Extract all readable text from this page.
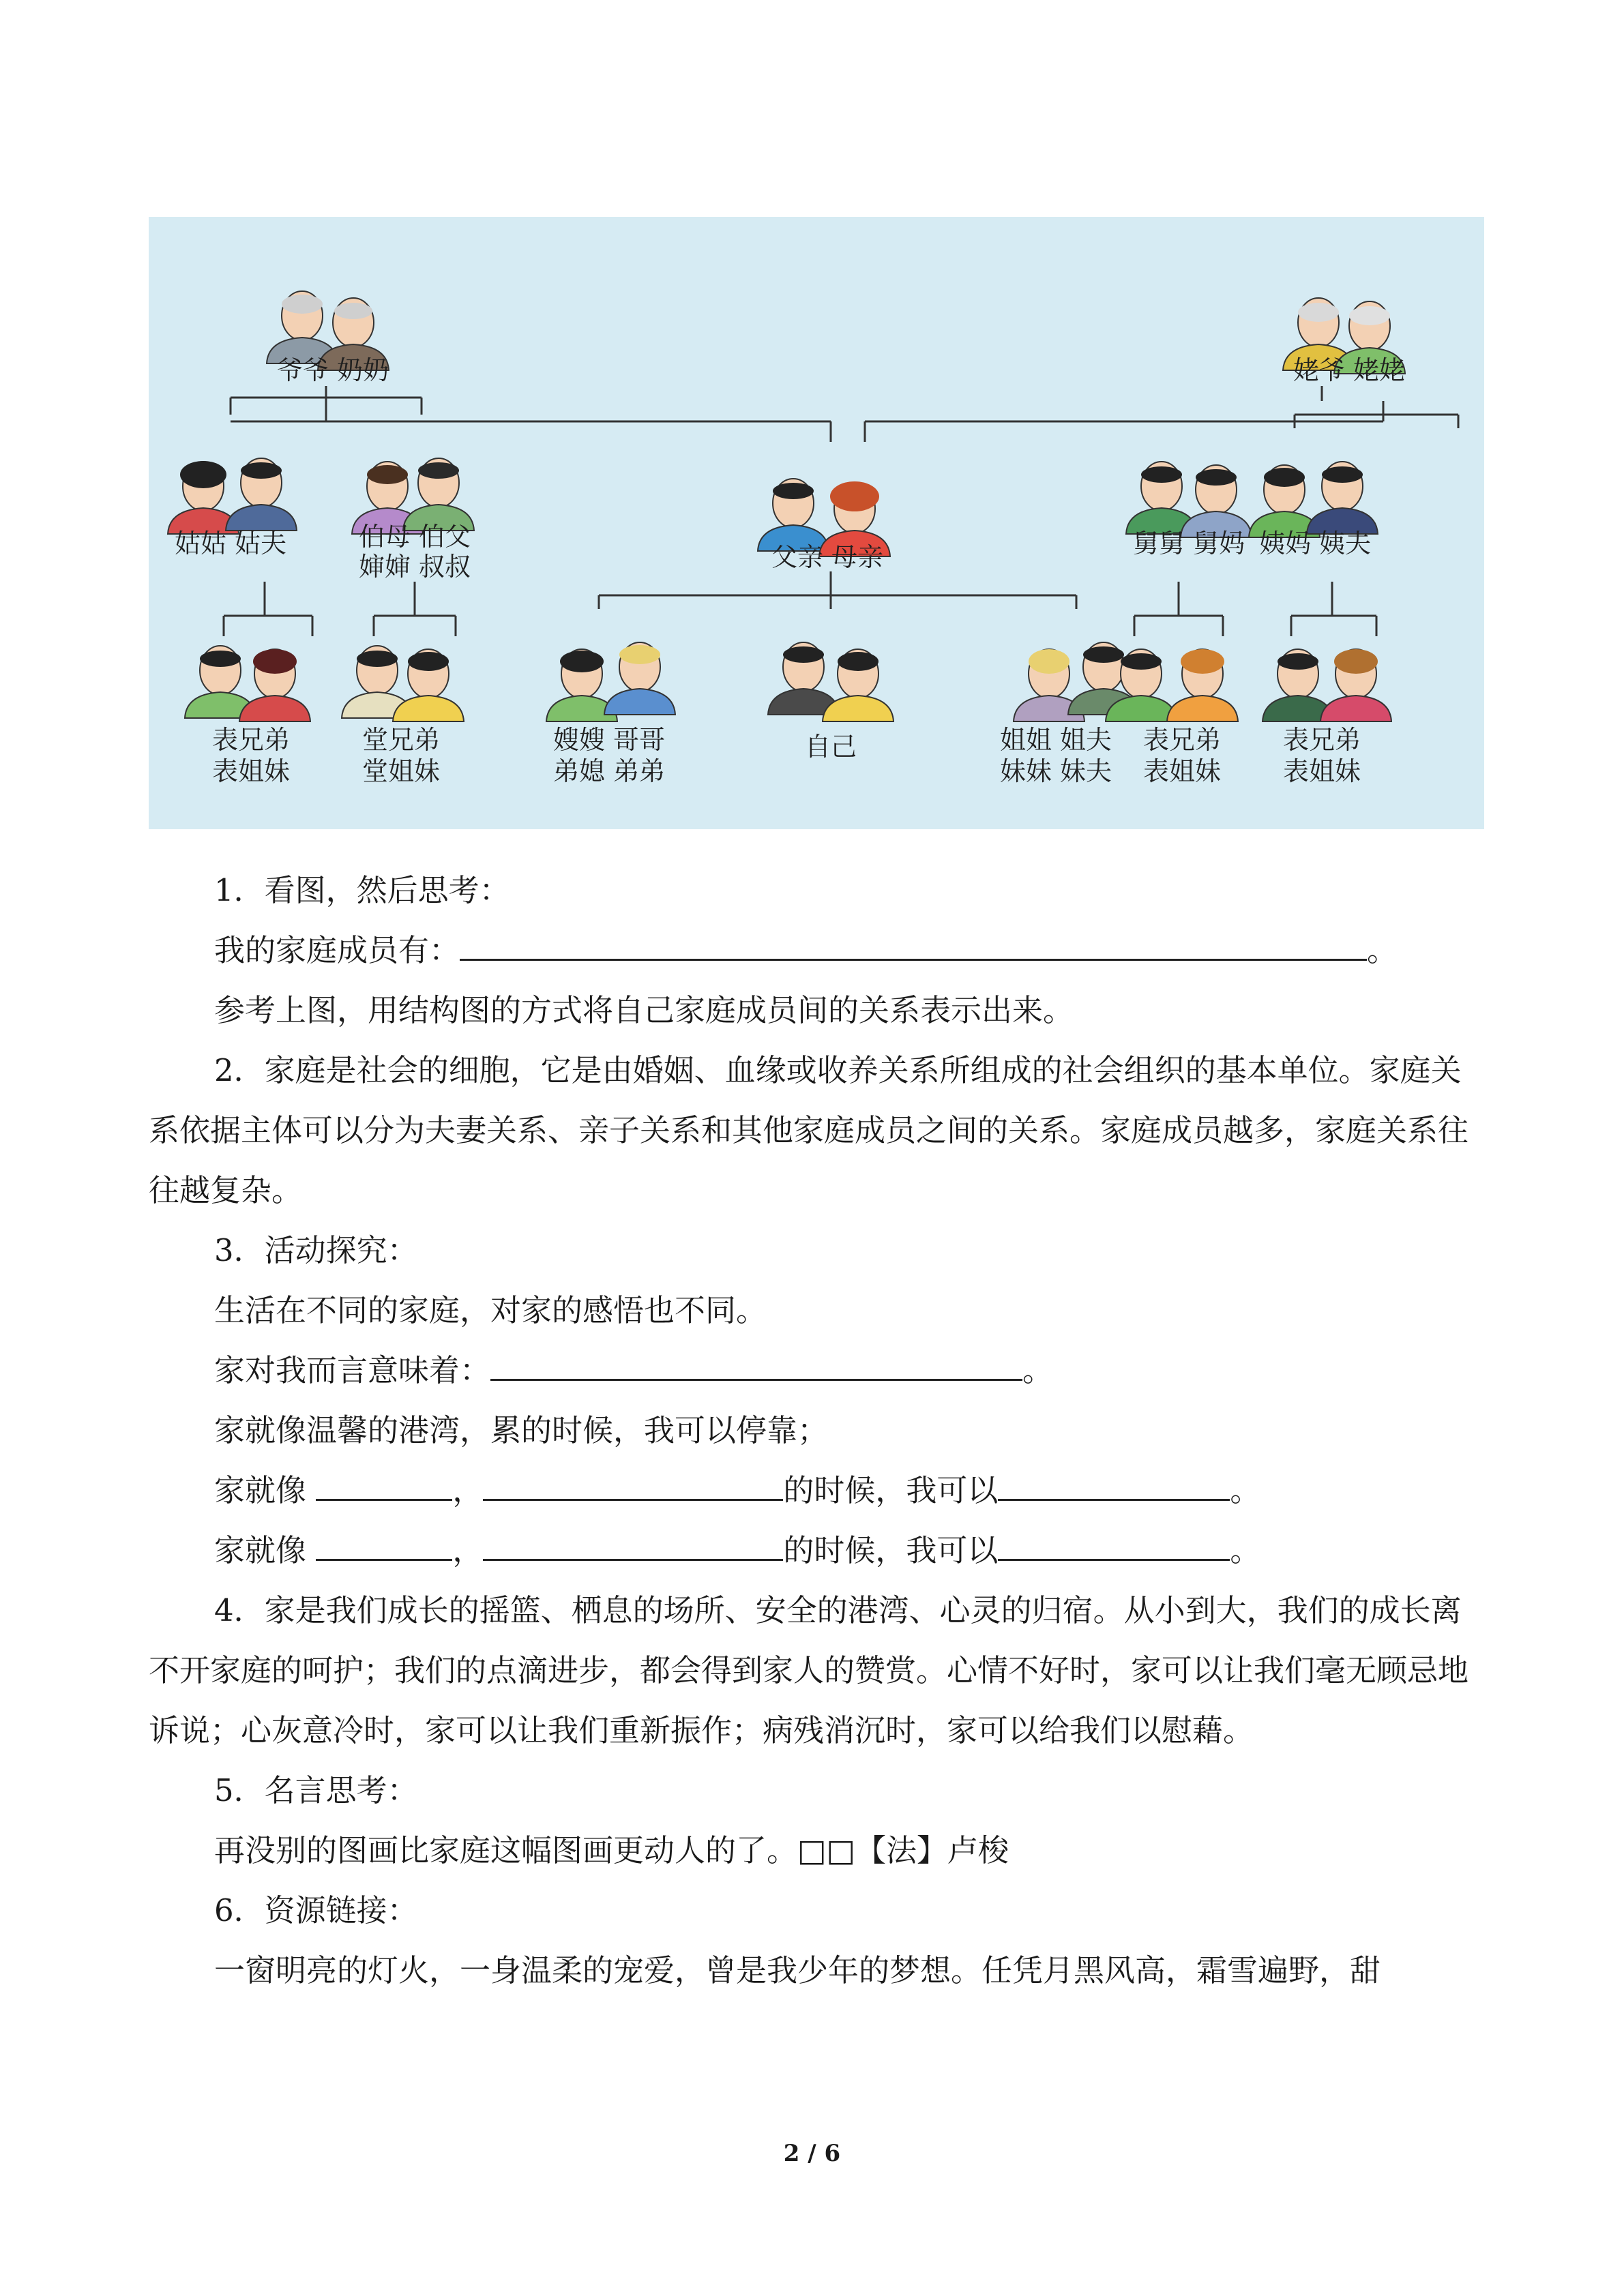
爷爷 奶奶	姥爷 姥姥
姑姑 姑夫	伯母 伯父
婶婶 叔叔	父亲 母亲	舅舅 舅妈 姨妈 姨夫
表兄弟
表姐妹
堂兄弟
堂姐妹
嫂嫂 哥哥
弟媳 弟弟
自己	姐姐 姐夫
妹妹 妹夫
表兄弟
表姐妹
表兄弟
表姐妹

1．看图，然后思考：

我的家庭成员有：	。

参考上图，用结构图的方式将自己家庭成员间的关系表示出来。

2．家庭是社会的细胞，它是由婚姻、血缘或收养关系所组成的社会组织的基本单位。家庭关系依据主体可以分为夫妻关系、亲子关系和其他家庭成员之间的关系。家庭成员越多，家庭关系往往越复杂。

3．活动探究：

生活在不同的家庭，对家的感悟也不同。

家对我而言意味着：	。

家就像温馨的港湾，累的时候，我可以停靠；

家就像	，	的时候，我可以	。

家就像	，	的时候，我可以	。

4．家是我们成长的摇篮、栖息的场所、安全的港湾、心灵的归宿。从小到大，我们的成长离不开家庭的呵护；我们的点滴进步，都会得到家人的赞赏。心情不好时，家可以让我们毫无顾忌地诉说；心灰意冷时，家可以让我们重新振作；病残消沉时，家可以给我们以慰藉。

5．名言思考：

再没别的图画比家庭这幅图画更动人的了。□□【法】卢梭

6．资源链接：

一窗明亮的灯火，一身温柔的宠爱，曾是我少年的梦想。任凭月黑风高，霜雪遍野，甜

2 / 6
